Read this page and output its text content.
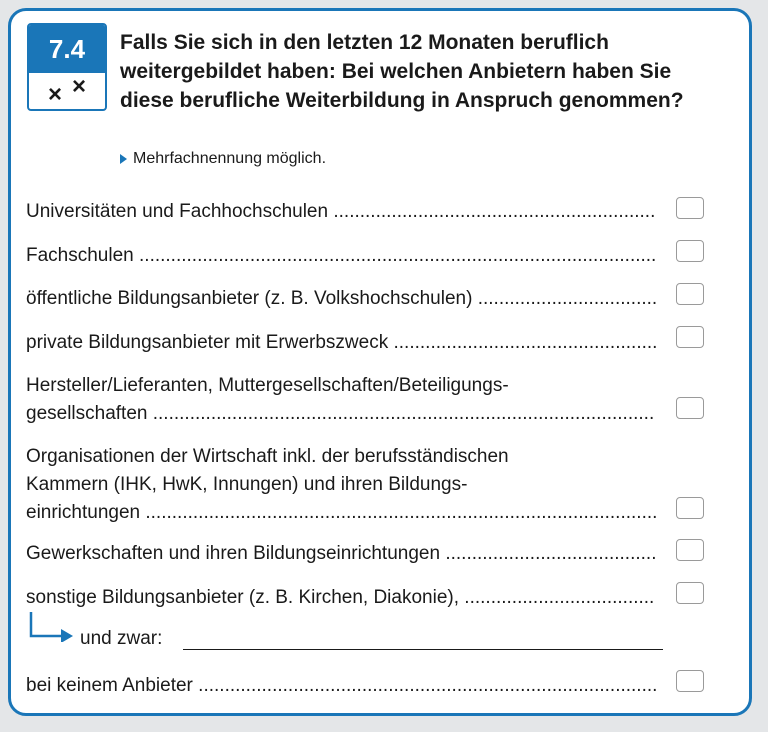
7.4
× ×
Falls Sie sich in den letzten 12 Monaten beruflich weitergebildet haben: Bei welchen Anbietern haben Sie diese berufliche Weiterbildung in Anspruch genommen?
Mehrfachnennung möglich.
Universitäten und Fachhochschulen .....
Fachschulen .....
öffentliche Bildungsanbieter (z. B. Volkshochschulen) .....
private Bildungsanbieter mit Erwerbszweck .....
Hersteller/Lieferanten, Muttergesellschaften/Beteiligungs-
gesellschaften .....
Organisationen der Wirtschaft inkl. der berufsständischen
Kammern (IHK, HwK, Innungen) und ihren Bildungs-
einrichtungen .....
Gewerkschaften und ihren Bildungseinrichtungen .....
sonstige Bildungsanbieter (z. B. Kirchen, Diakonie), .....
und zwar:
bei keinem Anbieter .....
